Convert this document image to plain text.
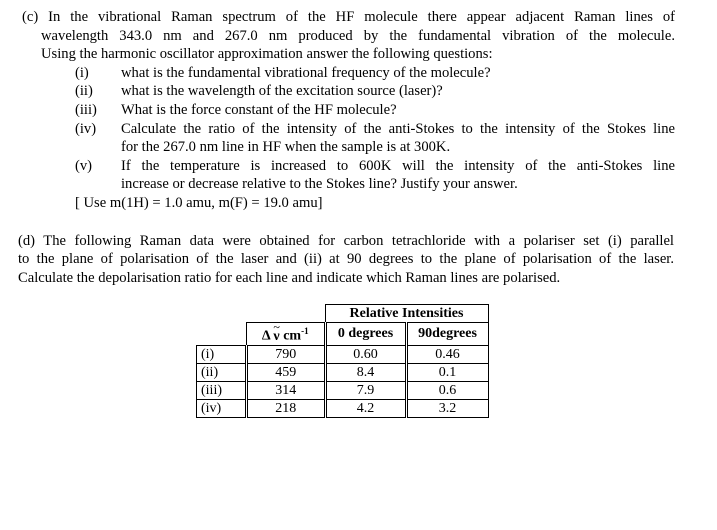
(c) In the vibrational Raman spectrum of the HF molecule there appear adjacent Raman lines of
wavelength 343.0 nm and 267.0 nm produced by the fundamental vibration of the molecule.
Using the harmonic oscillator approximation answer the following questions:
(i) what is the fundamental vibrational frequency of the molecule?
(ii) what is the wavelength of the excitation source (laser)?
(iii) What is the force constant of the HF molecule?
(iv) Calculate the ratio of the intensity of the anti-Stokes to the intensity of the Stokes line
for the 267.0 nm line in HF when the sample is at 300K.
(v) If the temperature is increased to 600K will the intensity of the anti-Stokes line
increase or decrease relative to the Stokes line? Justify your answer.
[ Use m(1H) = 1.0 amu, m(F) = 19.0 amu]
(d) The following Raman data were obtained for carbon tetrachloride with a polariser set (i) parallel
to the plane of polarisation of the laser and (ii) at 90 degrees to the plane of polarisation of the laser.
Calculate the depolarisation ratio for each line and indicate which Raman lines are polarised.
		Relative Intensities	
	Δ ~ ν $cm^{-1}$	0 degrees	90degrees
(i)	790	0.60	0.46
(ii)	459	8.4	0.1
(iii)	314	7.9	0.6
(iv)	218	4.2	3.2
